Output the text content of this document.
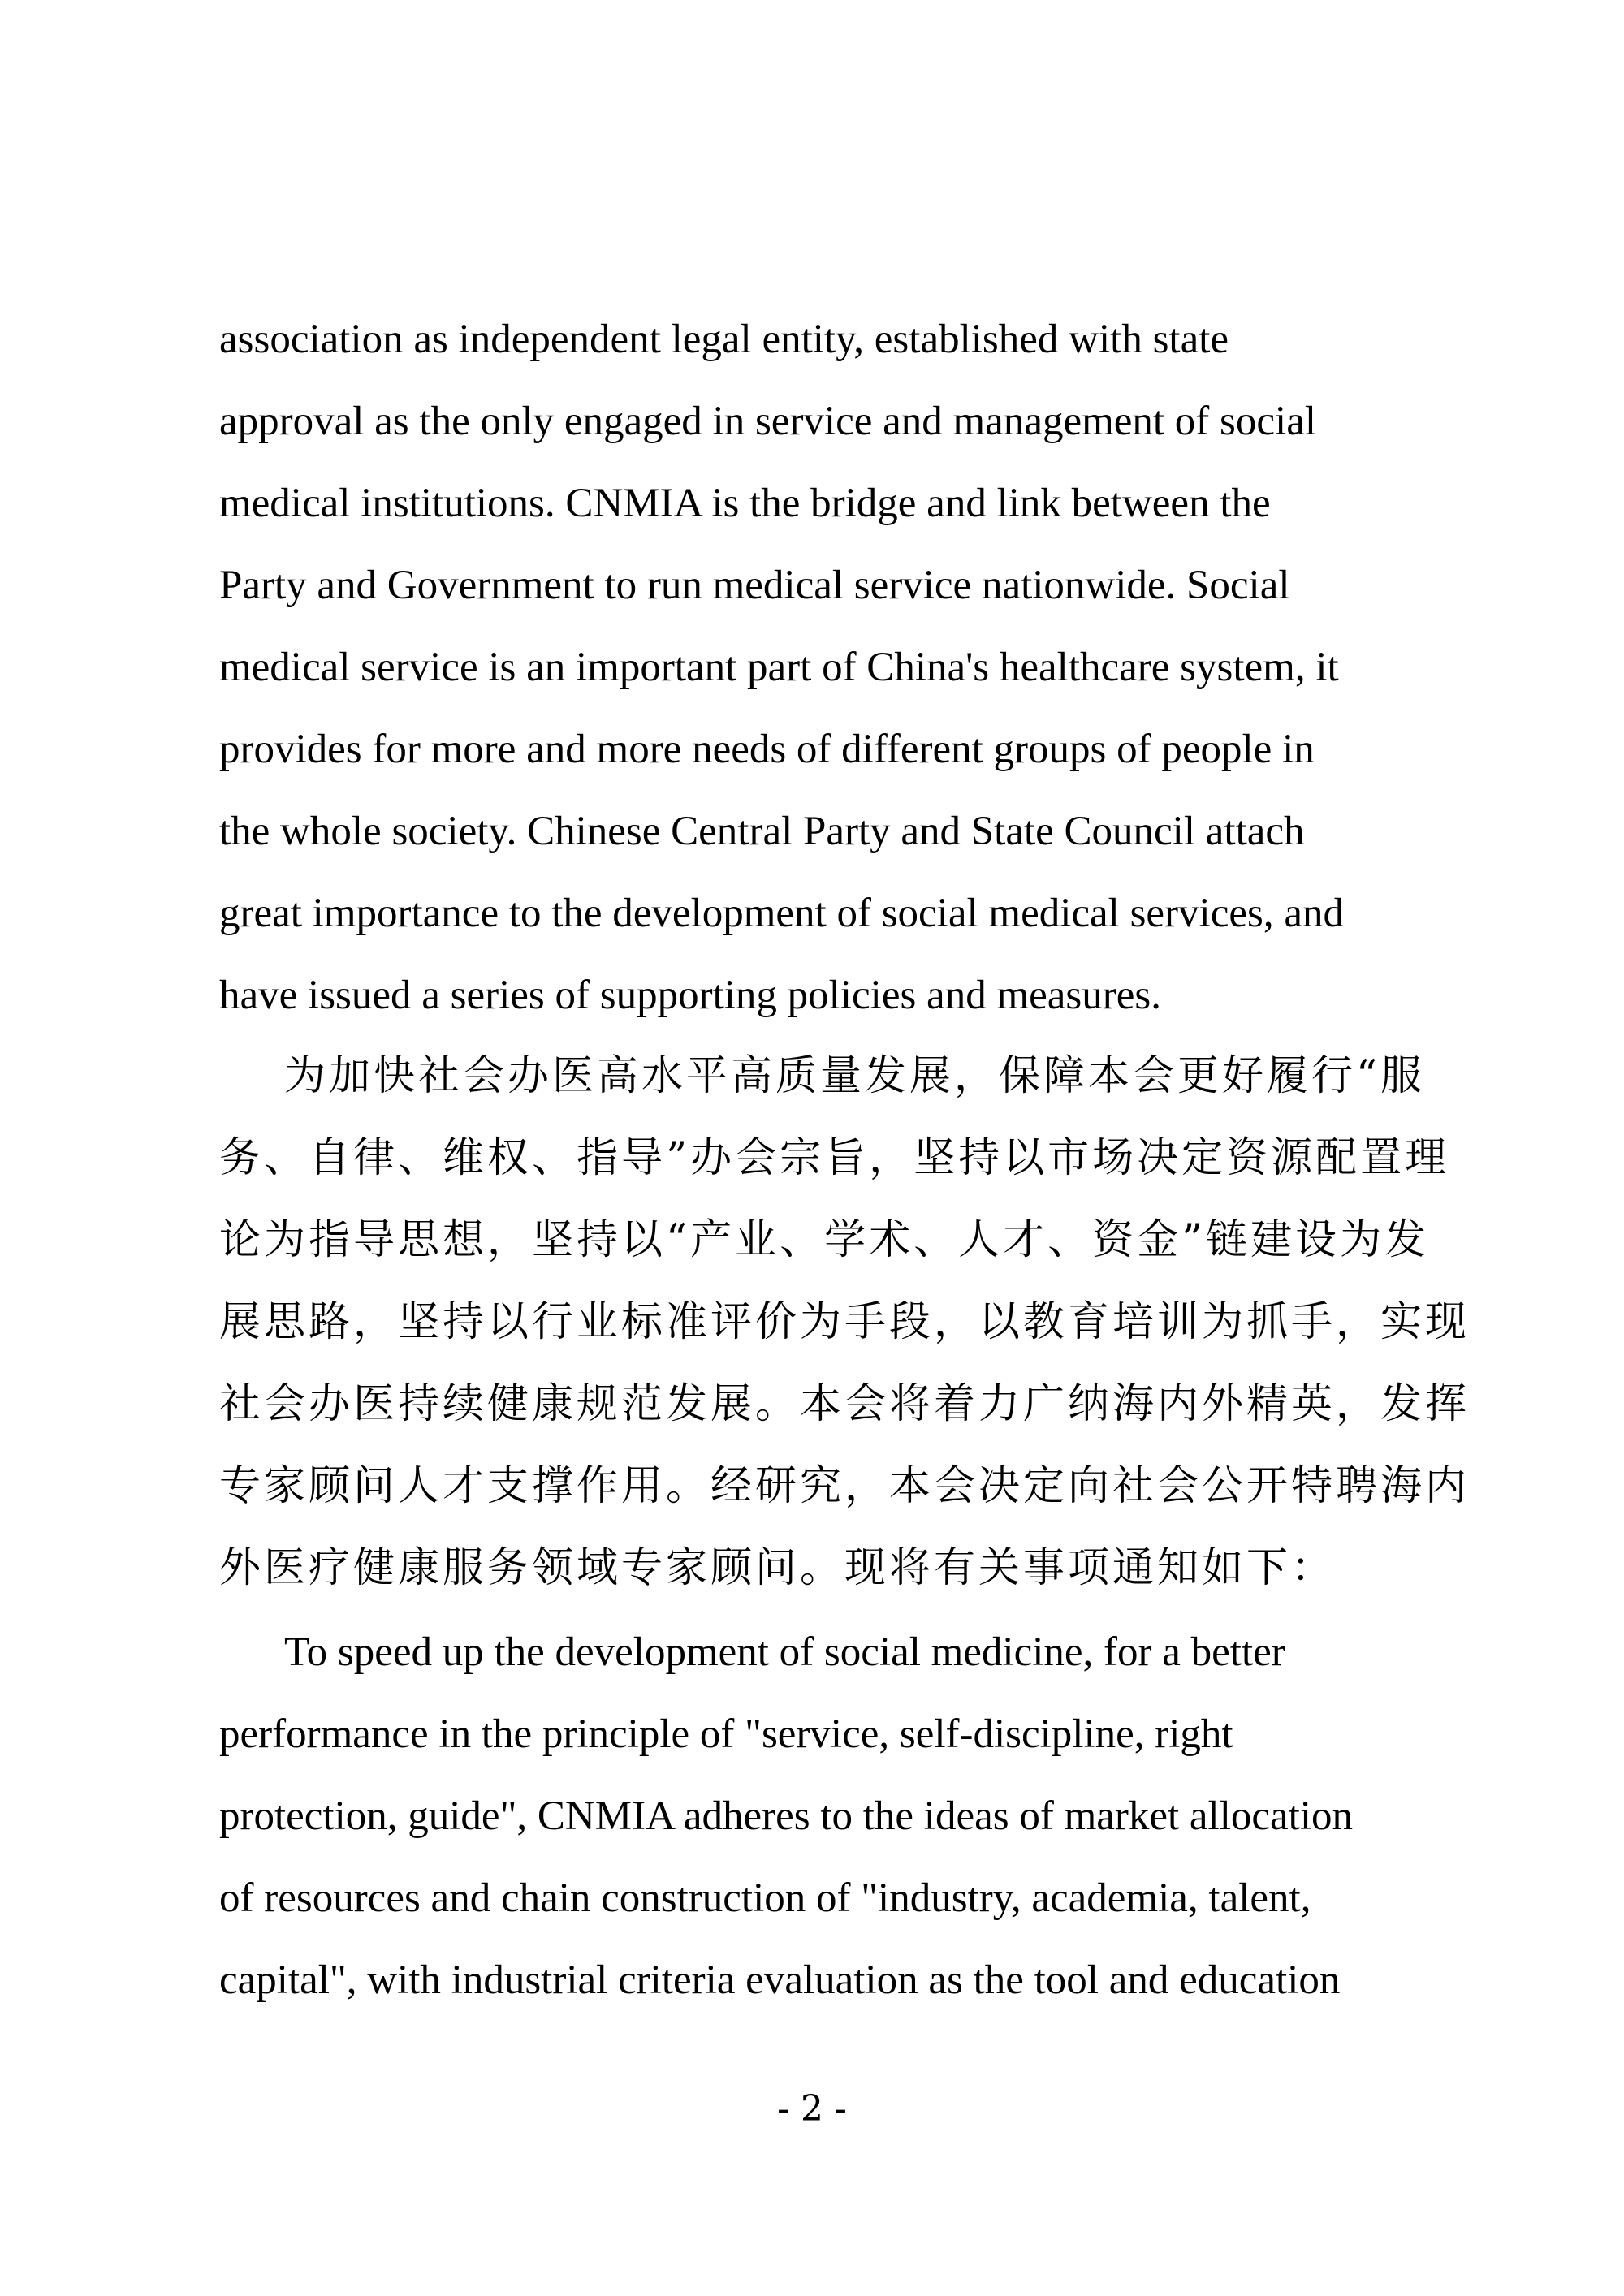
association as independent legal entity, established with state
approval as the only engaged in service and management of social
medical institutions. CNMIA is the bridge and link between the
Party and Government to run medical service nationwide. Social
medical service is an important part of China's healthcare system, it
provides for more and more needs of different groups of people in
the whole society. Chinese Central Party and State Council attach
great importance to the development of social medical services, and
have issued a series of supporting policies and measures.
为加快社会办医高水平高质量发展，保障本会更好履行“服
务、自律、维权、指导”办会宗旨，坚持以市场决定资源配置理
论为指导思想，坚持以“产业、学术、人才、资金”链建设为发
展思路，坚持以行业标准评价为手段，以教育培训为抓手，实现
社会办医持续健康规范发展。本会将着力广纳海内外精英，发挥
专家顾问人才支撑作用。经研究，本会决定向社会公开特聘海内
外医疗健康服务领域专家顾问。现将有关事项通知如下：
To speed up the development of social medicine, for a better
performance in the principle of "service, self-discipline, right
protection, guide", CNMIA adheres to the ideas of market allocation
of resources and chain construction of "industry, academia, talent,
capital", with industrial criteria evaluation as the tool and education
- 2 -
